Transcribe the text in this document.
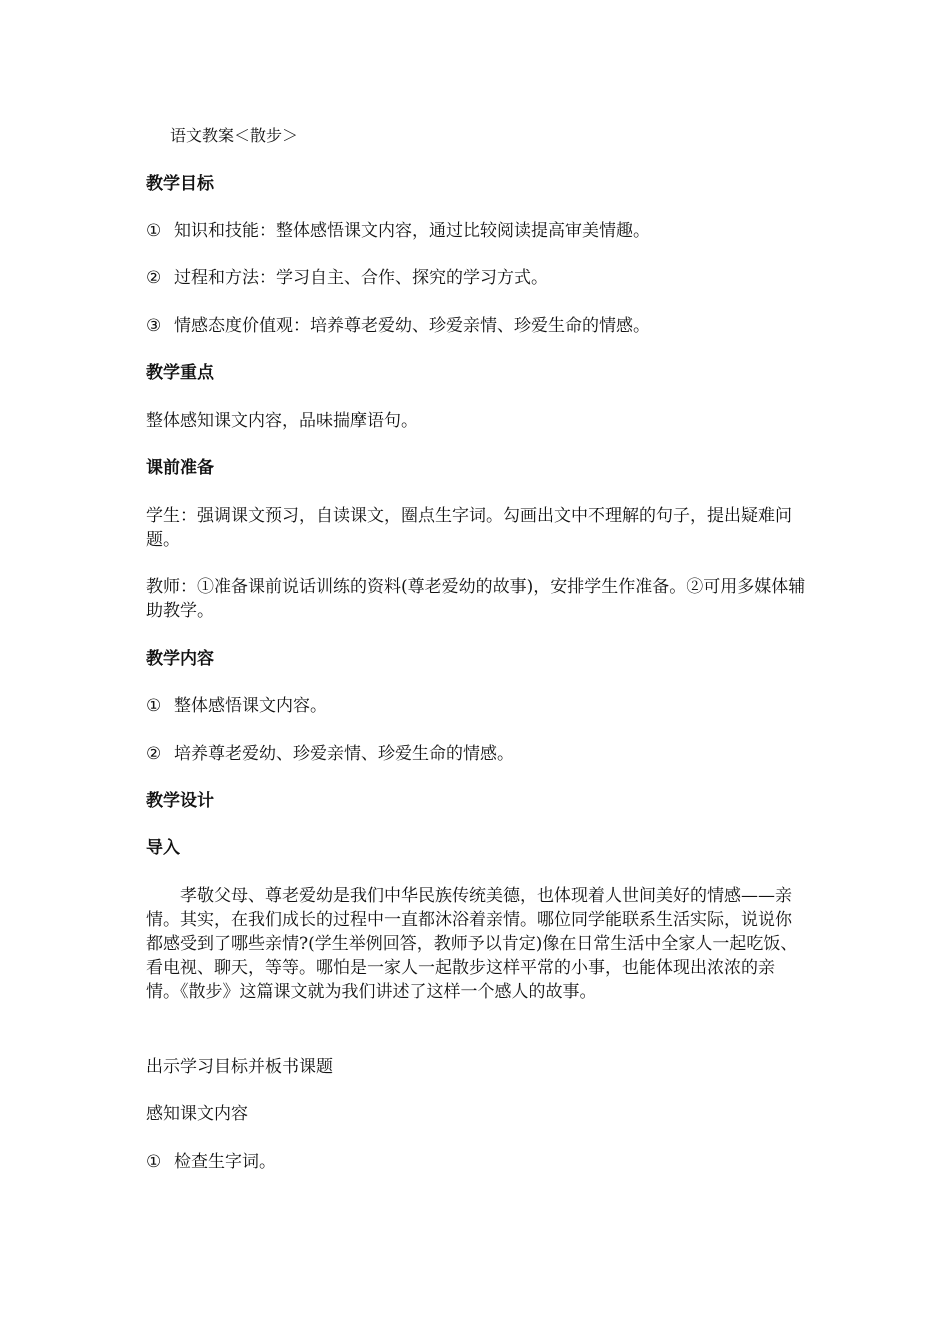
语文教案＜散步＞

教学目标

① 知识和技能：整体感悟课文内容，通过比较阅读提高审美情趣。

② 过程和方法：学习自主、合作、探究的学习方式。

③ 情感态度价值观：培养尊老爱幼、珍爱亲情、珍爱生命的情感。

教学重点

整体感知课文内容，品味揣摩语句。

课前准备

学生：强调课文预习，自读课文，圈点生字词。勾画出文中不理解的句子，提出疑难问题。

教师：①准备课前说话训练的资料(尊老爱幼的故事)，安排学生作准备。②可用多媒体辅助教学。

教学内容

① 整体感悟课文内容。

② 培养尊老爱幼、珍爱亲情、珍爱生命的情感。

教学设计

导入

孝敬父母、尊老爱幼是我们中华民族传统美德，也体现着人世间美好的情感——亲情。其实，在我们成长的过程中一直都沐浴着亲情。哪位同学能联系生活实际，说说你都感受到了哪些亲情?(学生举例回答，教师予以肯定)像在日常生活中全家人一起吃饭、看电视、聊天，等等。哪怕是一家人一起散步这样平常的小事，也能体现出浓浓的亲情。《散步》这篇课文就为我们讲述了这样一个感人的故事。

出示学习目标并板书课题

感知课文内容

① 检查生字词。
